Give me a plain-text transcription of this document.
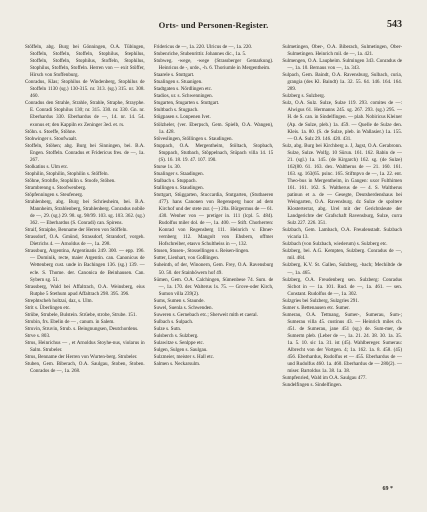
Orts- und Personen-Register.	543

Stöffeln, abg. Burg bei Gönningen, O.A. Tübingen, Stoffeln, Stoffeln, Stoffeln, Stophilus, Stephilus, Stoffeln, Stoffeln, Stophilus, Stoffeln, Stophilus, Stophilus, Stoffeln, Stoffeln. Herren von — exit Stöffer, Hirsch von Stoffenburg.

Conradus, Klas; Stophilus de Windenberg, Stophilus de Stoffeln 1130 (sg.) 130-315. nr. 313. (sg.) 315. nr. 308. 460.

Conradus den Strahle, Strahle, Strahle, Straphe, Strayphe. E. Conradi Stophilus 130; nr. 315. 330. nr. 330. Gn. nr. Eberhardus 330. Eberhardus de —, 14. nr. 14. 54. exonus et; den Kappiln ex Zeninger 3ed. et. rs.

Stöhn. s. Stoeffe, Stöhne.

Stohwinger s. Stoofwaalt.

Stoffeln, Stöhen; abg. Burg bei Sinningen, bei. B.A. Engen. Stoffeln. Conradus et Fridericus fres. de —, 1a. 267.

Stolkatins s. Ulm etc.

Stophilin, Stophilin, Stophilin s. Stöffeln.

Stöhne, Strohfle, Stophilin s. Stoofe, Stöhen.

Strambrenng s. Stoofwenberg.

Stöpfenningen s. Steufenerg.

Strahlenberg, abg. Burg bei Schriesheim, bei. B.A. Mannheim, Strahlenberg, Strahlenberg. Conradus nobile de —, 29. (sg.) 29. 98. sg. 98/99. 103. sg. 103. 362. (sg.) 362. — Eberhardus (S. Conradi) can. Spirens.

Straif, Straiphe, Benname der Herren von Stöffeln.

Strassdorf, O.A. Gmünd, Strassdorf, Strandorf, vorgeh. Dietrichs 4. — Arnoldus de —, 1a. 298.

Strassburg, Argentina, Argentinatis 249. 300. — epp. 196. — Dominik, recte, maier Argentin. can. Canonicus de Wettenberg cust. unde in Bachingen 136. (sg.) 139. — ecle. S. Thome. der. Canonica de Beinhausen. Can. Sybern sg. 51.

Strassberg, Wald bei Affaltrach, O.A. Weinsberg, eius Rutphe 5 Stethum apud Affaltrach 298. 395. 396.

Strephtscheh holtzai, daz, s. Ulm.

Strit s. Überlingen etc.

Strübe, Strubele, Bulstein. Strüebe, strobe, Strube. 151.

Strubin, frs. Ebelin de — , canum. in Salem.

Struvin, Struvin, Strub. s. Beingnungsen, Deutchordens.

Strve s. 803.

Strus, Heinrichus — , et Arnoldus Stoyhe-nus, violarus in Salm. Strubeler.

Strus, Benname der Herren von Wurten-berg. Strubeler.

Stuben, Gem. Biberach, O.A. Saulgau, Stoben, Stoben. Conrados de —, 1a. 268.

Fridericus de —, 1a. 220. Ulricus de —, 1a. 220.

Stubenriche, Stubenrittir. Johannes dic., 1a. 5.

Stubweg. -wege, -wege (Strassberger Gemarkung). Heinricus de -, urde., -h. 6. Thoriumle in Mergentheim.

Staarele s. Stuttgart.

Stualingen s. Stuanigen.

Stadtgaten s. Nördlingen etc.

Stadios, ur. s. Schwenningen.

Stugarten, Stugarten s. Stuttgart.

Stultbach s. Stugpach.

Stügpasen s. Lonpenen Ivet.

Stölzheler, (ver. Eberpsch, Gem. Spielb, O.A. Wangen), 1a. 428.

Stöveslingen, Stöllingen s. Staudingen.

Stuppach, O.A. Mergentheim, Stöltach, Stopbach, Stuppach, Stutbach, Stöppelnach, Stüpach villa 14. 15 (S). 16. 18. 19. 47. 107. 190.

Sturse 1s. 30.

Stualinger s. Staadingen.

Stalbach s. Stuppach.

Stallingen s. Staudingen.

Stuttgart, Stüggarten, Stuccardia, Stutgarten, (Stutbaeren 477). hans Canonen von Regensperg huor ad dem Kirchof und der stete zur. (—) 20a. Bürgermus de — 61. 430. Wenher von — pretiger in. 111 (lcpl. 5. 484). Rudolfus miler dol. de —, 1a. 400. — Stift. Chorherren: Konrad von Regensberg 111. Heinrich v. Ebner-vernberg 112. Mangolt von Ehsbern, offmer Hofschreiber, etasvo Schultheiss in —, 132.

Stusen, Stusen-, Stossellingen s. Reisen-lingen.

Sutter, Lienhart, von Goßlingen.

Suheinth, of der, Winonern, Gem. Frey, O.A. Ravensburg 50. 50. der Stainhöwern hof 49.

Sümen, Gem. O.A. Calchingen, Sümenbese 74. Sum. de —, 1a. 170. der. Walterus 1s. 75. — Grove-oder Kirch, Sumon villa 239(2).

Sums, Sumen s. Staunde.

Suwel, Suenla s. Schwenden.

Suweren s. Gernebach etc.; Sherweit mith et caeral.

Sulbach s. Sulpach.

Sulze s. Sutn.

Sulsberch s. Sulzberg.

Sulawitze s. Senlppe etc.

Sulgen, Sulgen s. Saulgau.

Sulzmeier, meister s. Hall etc.

Salmen s. Neckarsulm.

Sulmetingen, Ober-, O.A. Biberach, Sulmetingen, Ober-Sulmetingen. Heinrich mil. de —, 1a. 421.

Sulmengen, O.A. Laupheim. Sulmingen 343. Conradus de —, 1a. 10. Bernaus von —, 1a. 343.

Sulpach, Gem. Baindt, O.A. Ravensburg, Sulbach, curia, grangia (des Kl. Baindt) 1a. 32. 55. 64. 146. 164. 164. 289.

Sulzberg s. Sulzberg.

Sulz, O.A. Sulz. Sulze, Sulze 119. 293. comites de —: Alwigus 61. Hermanns 245. sg. 267. 293. (sg.) 295. — H. de S. can. in Sindelfingen. — plab. Nobiricus Kleiner (Ap. de Sulze, pleb.) 1a. 459. — Quelle de Sulze den. Kleis. 1a. 80. (S. de Sulze, pleb. in Wallasier.) 1a. 155. — O.A. Sulz 29. 146. 420. 431.

Sulz, abg. Burg bei Kirchberg a. J, Jagst, O.A. Gerabronn. Sulze, Sulze. Wolfg. 10 Sürun. 161. 162. Rabin de — 21. (sgl.) 1a. 145. (de Kirgarch) 162. sg. (de Sulze) 162(80. 61. 163. dex. Waltherus de — 21. 160. 161. 163. sg. 163(65. psinc. 165. Stiftnpvo de —, 1a. 22. ent. Theo-bus in Mergentheim, in Gangen: uxor Fulthimen 161. 161. 162. S. Waltherus de — 4. S. Waltherus patinun et a. de — Gesegte, Deutsherdenshaus bei Weingarten, O.A. Ravensburg. dz Sulze de spoltere Klosterterrat, abg. Urel mit der Gerichtsleute der Landgerichte der Grafschaft Ravensburg, Sulze, curra Sulz 227. 226. 351.

Sulzbach, Gem. Lambach, O.A. Freudenstadt. Sulzbach vicaria 13.

Sulzbach (von Sulzbach, wiederum) s. Sulzberg etc.

Sulzberg, bei. A.G. Kempten, Sulzberg. Conradus de —, mil. 484.

Sulzberg, K.V. St. Gallen, Sulzberg, -bach; Mechiltde de —, 1a. 465.

Sulzberg, O.A. Freudenberg sen. Sulzberg: Conradus Sicbot in — 1a. 101. Rud. de —, 1a. 461. — sen. Constant. Rudolfus de —, 1a. 302.

Sulzgries bei Sulzberg, Sulzgries 291.

Sumer s. Bettenausen etc. Sumer.

Sumerau, O.A. Tettnang, Sumer-, Sumerau, Sum-; Sumerau villa 45. custinus 43. — Heinrich miles ch. 451. de Sumerau, jane 451 (sg.) de. Sum-mer, de Sumerm pleb. (Leber de —, 1a. 21. 24. 38. 30. 1a. 35. 1a. 5. 10. sic 1a. 31. ist (45). Wahlbereger. Sumerau: Albrecht von der Vortgen. 4; 1a. 162. 1a. 8. 458. (45) 456. Eberhardus, Rudolfus et — 455. Eberhardus de — und Rudolfus 460. 1a. 460. Eberhardus de — 280(2). — miser. Bartoldus 1a. 38. 1a. 38.

Sumpfenried, Wald im O.A. Saulgau 477.

Sundelfingen s. Sindelfingen.

69 *
